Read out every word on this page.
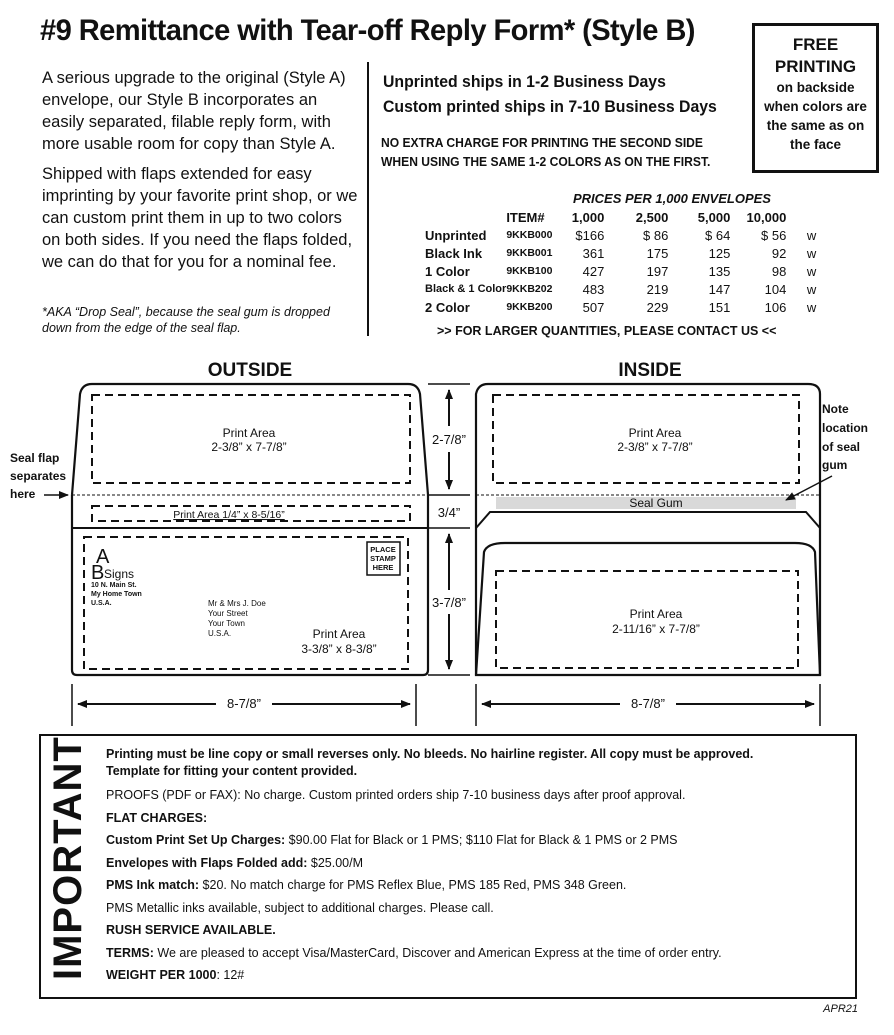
#9 Remittance with Tear-off Reply Form* (Style B)	FREE
PRINTING
on backside
when colors are
the same as on
the face
A serious upgrade to the original (Style A) envelope, our Style B incorporates an easily separated, filable reply form, with more usable room for copy than Style A.
Shipped with flaps extended for easy imprinting by your favorite print shop, or we can custom print them in up to two colors on both sides. If you need the flaps folded, we can do that for you for a nominal fee.
*AKA “Drop Seal”, because the seal gum is dropped down from the edge of the seal flap.
Unprinted ships in 1-2 Business Days
Custom printed ships in 7-10 Business Days
NO EXTRA CHARGE FOR PRINTING THE SECOND SIDE
WHEN USING THE SAME 1-2 COLORS AS ON THE FIRST.
PRICES PER 1,000 ENVELOPES
	ITEM#	1,000	2,500	5,000	10,000	
Unprinted	9KKB000	$166	$ 86	$ 64	$ 56	w
Black Ink	9KKB001	361	175	125	92	w
1 Color	9KKB100	427	197	135	98	w
Black & 1 Color	9KKB202	483	219	147	104	w
2 Color	9KKB200	507	229	151	106	w
>> FOR LARGER QUANTITIES, PLEASE CONTACT US <<
OUTSIDE	INSIDE
Print Area
2-3/8” x 7-7/8”
Print Area 1/4” x 8-5/16”
Print Area
3-3/8” x 8-3/8”
PLACE
STAMP
HERE
A
B Signs
10 N. Main St.
My Home Town
U.S.A.	Mr & Mrs J. Doe
Your Street
Your Town
U.S.A.
Seal flap
separates
here
2-7/8”
3/4”
3-7/8”
Print Area
2-3/8” x 7-7/8”
Seal Gum
Print Area
2-11/16” x 7-7/8”
Note
location
of seal
gum
8-7/8”	8-7/8”
IMPORTANT Printing must be line copy or small reverses only. No bleeds. No hairline register. All copy must be approved.
Template for fitting your content provided.
PROOFS (PDF or FAX): No charge. Custom printed orders ship 7-10 business days after proof approval.
FLAT CHARGES:
Custom Print Set Up Charges: $90.00 Flat for Black or 1 PMS; $110 Flat for Black & 1 PMS or 2 PMS
Envelopes with Flaps Folded add: $25.00/M
PMS Ink match: $20. No match charge for PMS Reflex Blue, PMS 185 Red, PMS 348 Green.
PMS Metallic inks available, subject to additional charges. Please call.
RUSH SERVICE AVAILABLE.
TERMS: We are pleased to accept Visa/MasterCard, Discover and American Express at the time of order entry.
WEIGHT PER 1000: 12#
APR21
